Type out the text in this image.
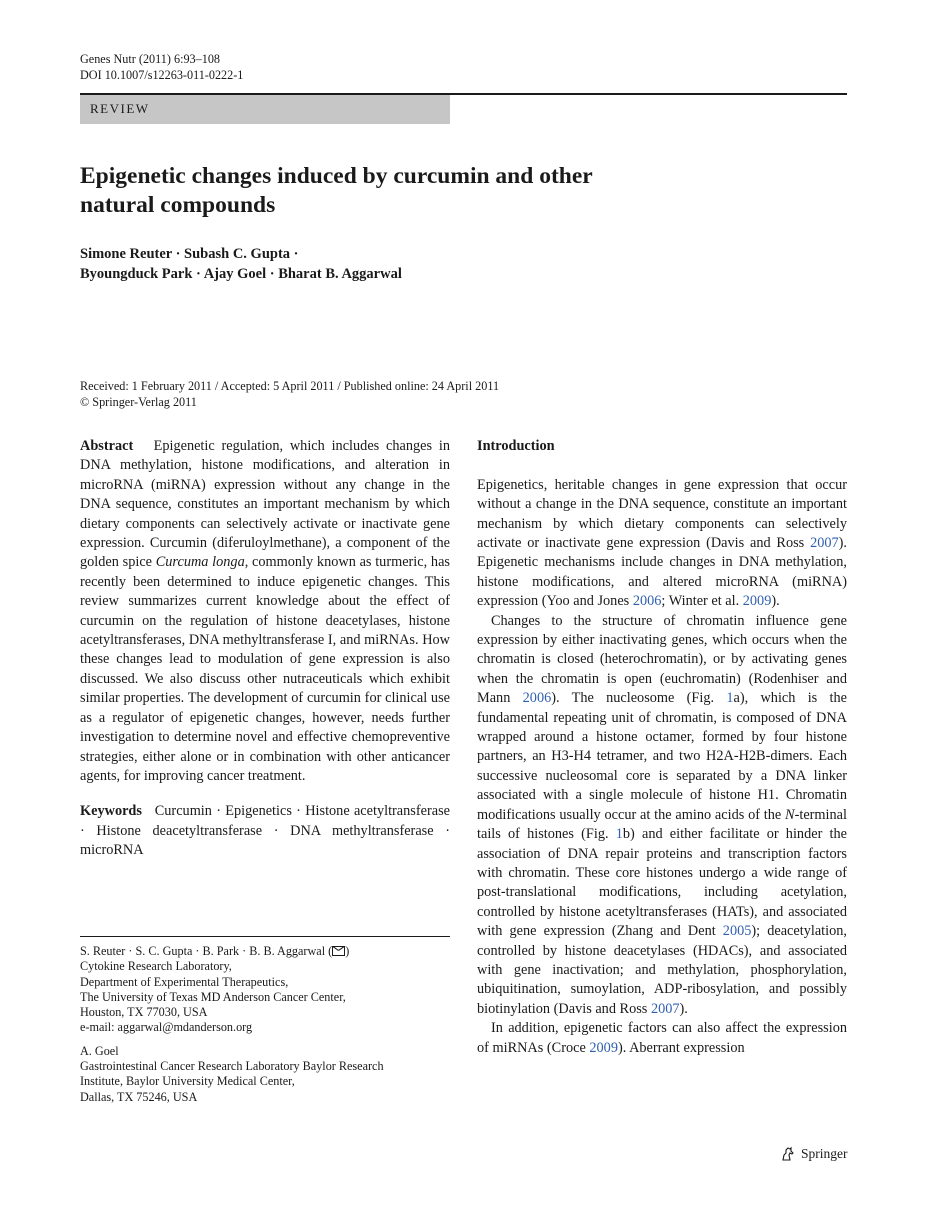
Genes Nutr (2011) 6:93–108
DOI 10.1007/s12263-011-0222-1
REVIEW
Epigenetic changes induced by curcumin and other
natural compounds
Simone Reuter · Subash C. Gupta ·
Byoungduck Park · Ajay Goel · Bharat B. Aggarwal
Received: 1 February 2011 / Accepted: 5 April 2011 / Published online: 24 April 2011
© Springer-Verlag 2011

Abstract Epigenetic regulation, which includes changes in DNA methylation, histone modifications, and alteration in microRNA (miRNA) expression without any change in the DNA sequence, constitutes an important mechanism by which dietary components can selectively activate or inactivate gene expression. Curcumin (diferuloylmethane), a component of the golden spice Curcuma longa, commonly known as turmeric, has recently been determined to induce epigenetic changes. This review summarizes current knowledge about the effect of curcumin on the regulation of histone deacetylases, histone acetyltransferases, DNA methyltransferase I, and miRNAs. How these changes lead to modulation of gene expression is also discussed. We also discuss other nutraceuticals which exhibit similar properties. The development of curcumin for clinical use as a regulator of epigenetic changes, however, needs further investigation to determine novel and effective chemopreventive strategies, either alone or in combination with other anticancer agents, for improving cancer treatment.

Keywords Curcumin · Epigenetics · Histone acetyltransferase · Histone deacetyltransferase · DNA methyltransferase · microRNA

S. Reuter · S. C. Gupta · B. Park · B. B. Aggarwal ( )

Cytokine Research Laboratory,

Department of Experimental Therapeutics,

The University of Texas MD Anderson Cancer Center,

Houston, TX 77030, USA

e-mail: aggarwal@mdanderson.org

A. Goel

Gastrointestinal Cancer Research Laboratory Baylor Research

Institute, Baylor University Medical Center,

Dallas, TX 75246, USA

Introduction

Epigenetics, heritable changes in gene expression that occur without a change in the DNA sequence, constitute an important mechanism by which dietary components can selectively activate or inactivate gene expression (Davis and Ross 2007). Epigenetic mechanisms include changes in DNA methylation, histone modifications, and altered microRNA (miRNA) expression (Yoo and Jones 2006; Winter et al. 2009).

Changes to the structure of chromatin influence gene expression by either inactivating genes, which occurs when the chromatin is closed (heterochromatin), or by activating genes when the chromatin is open (euchromatin) (Rodenhiser and Mann 2006). The nucleosome (Fig. 1a), which is the fundamental repeating unit of chromatin, is composed of DNA wrapped around a histone octamer, formed by four histone partners, an H3-H4 tetramer, and two H2A-H2B-dimers. Each successive nucleosomal core is separated by a DNA linker associated with a single molecule of histone H1. Chromatin modifications usually occur at the amino acids of the N-terminal tails of histones (Fig. 1b) and either facilitate or hinder the association of DNA repair proteins and transcription factors with chromatin. These core histones undergo a wide range of post-translational modifications, including acetylation, controlled by histone acetyltransferases (HATs), and associated with gene expression (Zhang and Dent 2005); deacetylation, controlled by histone deacetylases (HDACs), and associated with gene inactivation; and methylation, phosphorylation, ubiquitination, sumoylation, ADP-ribosylation, and possibly biotinylation (Davis and Ross 2007).

In addition, epigenetic factors can also affect the expression of miRNAs (Croce 2009). Aberrant expression

Springer
